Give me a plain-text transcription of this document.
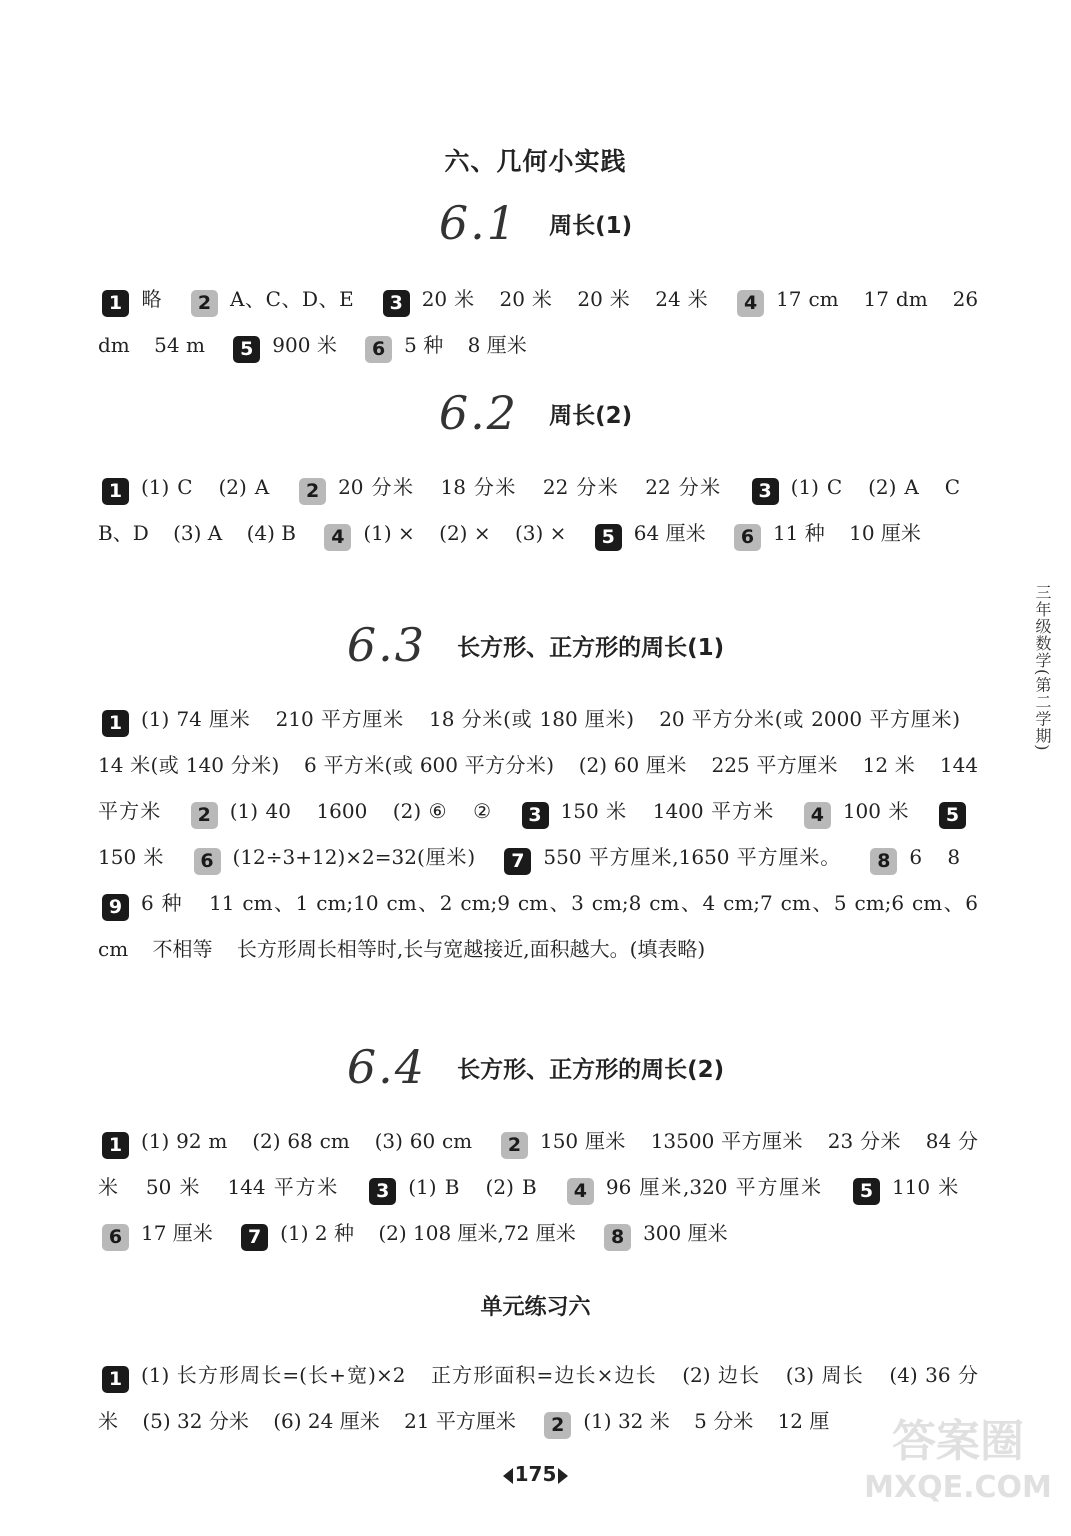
六、几何小实践
6.1 周长(1)
1 略 2 A、C、D、E 3 20 米 20 米 20 米 24 米 4 17 cm 17 dm 26 dm 54 m 5 900 米 6 5 种 8 厘米
6.2 周长(2)
1 (1) C (2) A 2 20 分米 18 分米 22 分米 22 分米 3 (1) C (2) A C B、D (3) A (4) B 4 (1) × (2) × (3) × 5 64 厘米 6 11 种 10 厘米
6.3 长方形、正方形的周长(1)
1 (1) 74 厘米 210 平方厘米 18 分米(或 180 厘米) 20 平方分米(或 2000 平方厘米) 14 米(或 140 分米) 6 平方米(或 600 平方分米) (2) 60 厘米 225 平方厘米 12 米 144 平方米 2 (1) 40 1600 (2) ⑥ ② 3 150 米 1400 平方米 4 100 米 5150 米 6 (12÷3+12)×2=32(厘米) 7 550 平方厘米,1650 平方厘米。 8 6 8 9 6 种 11 cm、1 cm;10 cm、2 cm;9 cm、3 cm;8 cm、4 cm;7 cm、5 cm;6 cm、6 cm 不相等 长方形周长相等时,长与宽越接近,面积越大。(填表略)
6.4 长方形、正方形的周长(2)
1 (1) 92 m (2) 68 cm (3) 60 cm 2 150 厘米 13500 平方厘米 23 分米 84 分米 50 米 144 平方米 3 (1) B (2) B 4 96 厘米,320 平方厘米 5 110 米 6 17 厘米 7 (1) 2 种 (2) 108 厘米,72 厘米 8 300 厘米
单元练习六
1 (1) 长方形周长=(长+宽)×2 正方形面积=边长×边长 (2) 边长 (3) 周长 (4) 36 分米 (5) 32 分米 (6) 24 厘米 21 平方厘米 2 (1) 32 米 5 分米 12 厘
三年级数学(第二学期)
175
答案圈
MXQE.COM
